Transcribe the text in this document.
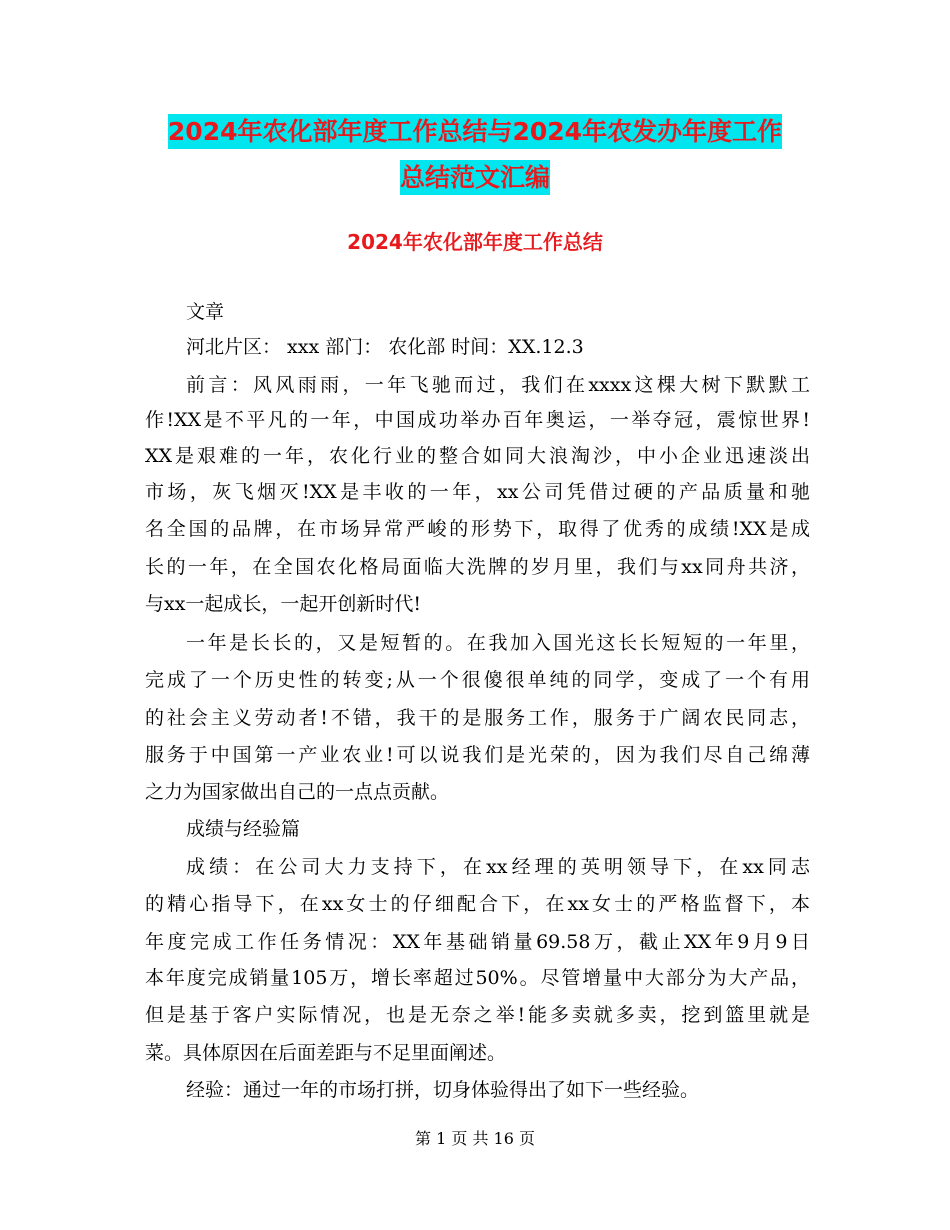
2024年农化部年度工作总结与2024年农发办年度工作
总结范文汇编
2024年农化部年度工作总结
文章
河北片区： xxx 部门： 农化部 时间：XX.12.3
前言：风风雨雨，一年飞驰而过，我们在xxxx这棵大树下默默工
作!XX是不平凡的一年，中国成功举办百年奥运，一举夺冠，震惊世界!
XX是艰难的一年，农化行业的整合如同大浪淘沙，中小企业迅速淡出
市场，灰飞烟灭!XX是丰收的一年，xx公司凭借过硬的产品质量和驰
名全国的品牌，在市场异常严峻的形势下，取得了优秀的成绩!XX是成
长的一年，在全国农化格局面临大洗牌的岁月里，我们与xx同舟共济，
与xx一起成长，一起开创新时代!
一年是长长的，又是短暂的。在我加入国光这长长短短的一年里，
完成了一个历史性的转变;从一个很傻很单纯的同学，变成了一个有用
的社会主义劳动者!不错，我干的是服务工作，服务于广阔农民同志，
服务于中国第一产业农业!可以说我们是光荣的，因为我们尽自己绵薄
之力为国家做出自己的一点点贡献。
成绩与经验篇
成绩：在公司大力支持下，在xx经理的英明领导下，在xx同志
的精心指导下，在xx女士的仔细配合下，在xx女士的严格监督下，本
年度完成工作任务情况：XX年基础销量69.58万，截止XX年9月9日
本年度完成销量105万，增长率超过50%。尽管增量中大部分为大产品，
但是基于客户实际情况，也是无奈之举!能多卖就多卖，挖到篮里就是
菜。具体原因在后面差距与不足里面阐述。
经验：通过一年的市场打拼，切身体验得出了如下一些经验。
第 1 页 共 16 页
